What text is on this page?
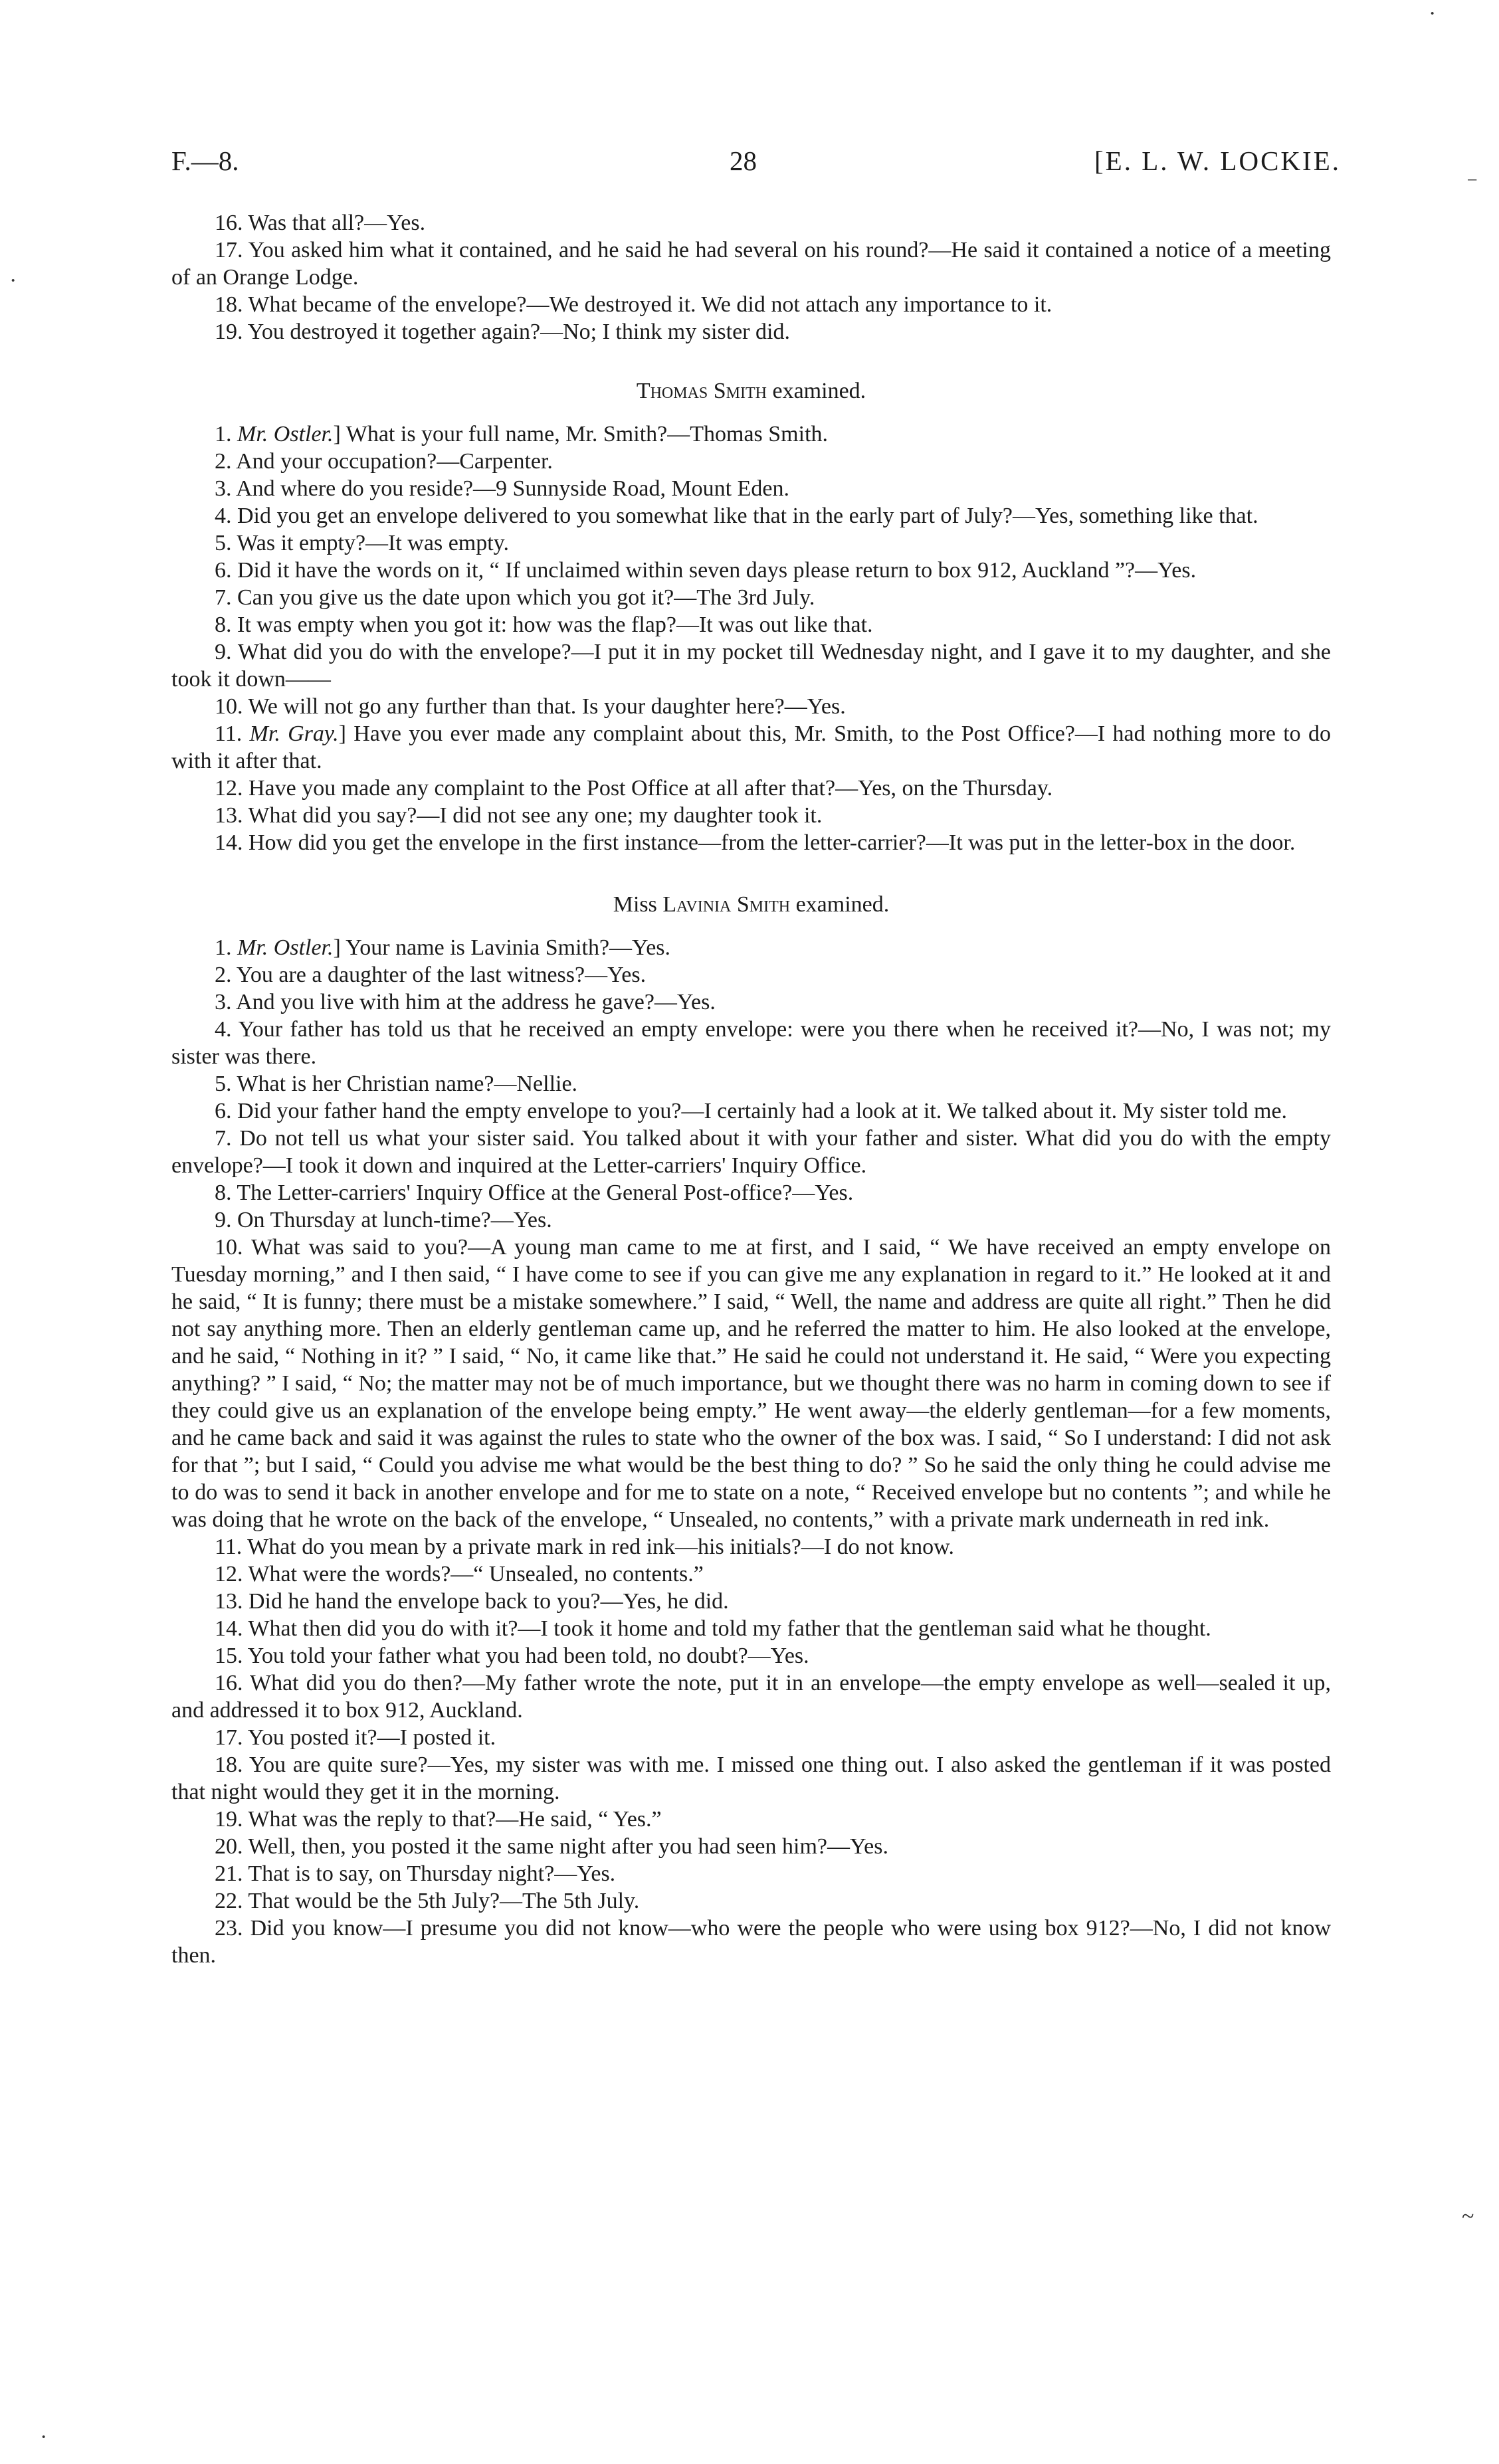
F.—8.	28	[E. L. W. LOCKIE.

16. Was that all?—Yes.

17. You asked him what it contained, and he said he had several on his round?—He said it contained a notice of a meeting of an Orange Lodge.

18. What became of the envelope?—We destroyed it. We did not attach any importance to it.

19. You destroyed it together again?—No; I think my sister did.

Thomas Smith examined.

1. Mr. Ostler.] What is your full name, Mr. Smith?—Thomas Smith.

2. And your occupation?—Carpenter.

3. And where do you reside?—9 Sunnyside Road, Mount Eden.

4. Did you get an envelope delivered to you somewhat like that in the early part of July?—Yes, something like that.

5. Was it empty?—It was empty.

6. Did it have the words on it, “ If unclaimed within seven days please return to box 912, Auckland ”?—Yes.

7. Can you give us the date upon which you got it?—The 3rd July.

8. It was empty when you got it: how was the flap?—It was out like that.

9. What did you do with the envelope?—I put it in my pocket till Wednesday night, and I gave it to my daughter, and she took it down——

10. We will not go any further than that. Is your daughter here?—Yes.

11. Mr. Gray.] Have you ever made any complaint about this, Mr. Smith, to the Post Office?—I had nothing more to do with it after that.

12. Have you made any complaint to the Post Office at all after that?—Yes, on the Thursday.

13. What did you say?—I did not see any one; my daughter took it.

14. How did you get the envelope in the first instance—from the letter-carrier?—It was put in the letter-box in the door.

Miss Lavinia Smith examined.

1. Mr. Ostler.] Your name is Lavinia Smith?—Yes.

2. You are a daughter of the last witness?—Yes.

3. And you live with him at the address he gave?—Yes.

4. Your father has told us that he received an empty envelope: were you there when he received it?—No, I was not; my sister was there.

5. What is her Christian name?—Nellie.

6. Did your father hand the empty envelope to you?—I certainly had a look at it. We talked about it. My sister told me.

7. Do not tell us what your sister said. You talked about it with your father and sister. What did you do with the empty envelope?—I took it down and inquired at the Letter-carriers' Inquiry Office.

8. The Letter-carriers' Inquiry Office at the General Post-office?—Yes.

9. On Thursday at lunch-time?—Yes.

10. What was said to you?—A young man came to me at first, and I said, “ We have received an empty envelope on Tuesday morning,” and I then said, “ I have come to see if you can give me any explanation in regard to it.” He looked at it and he said, “ It is funny; there must be a mistake somewhere.” I said, “ Well, the name and address are quite all right.” Then he did not say anything more. Then an elderly gentleman came up, and he referred the matter to him. He also looked at the envelope, and he said, “ Nothing in it? ” I said, “ No, it came like that.” He said he could not understand it. He said, “ Were you expecting anything? ” I said, “ No; the matter may not be of much importance, but we thought there was no harm in coming down to see if they could give us an explanation of the envelope being empty.” He went away—the elderly gentleman—for a few moments, and he came back and said it was against the rules to state who the owner of the box was. I said, “ So I understand: I did not ask for that ”; but I said, “ Could you advise me what would be the best thing to do? ” So he said the only thing he could advise me to do was to send it back in another envelope and for me to state on a note, “ Received envelope but no contents ”; and while he was doing that he wrote on the back of the envelope, “ Unsealed, no contents,” with a private mark underneath in red ink.

11. What do you mean by a private mark in red ink—his initials?—I do not know.

12. What were the words?—“ Unsealed, no contents.”

13. Did he hand the envelope back to you?—Yes, he did.

14. What then did you do with it?—I took it home and told my father that the gentleman said what he thought.

15. You told your father what you had been told, no doubt?—Yes.

16. What did you do then?—My father wrote the note, put it in an envelope—the empty envelope as well—sealed it up, and addressed it to box 912, Auckland.

17. You posted it?—I posted it.

18. You are quite sure?—Yes, my sister was with me. I missed one thing out. I also asked the gentleman if it was posted that night would they get it in the morning.

19. What was the reply to that?—He said, “ Yes.”

20. Well, then, you posted it the same night after you had seen him?—Yes.

21. That is to say, on Thursday night?—Yes.

22. That would be the 5th July?—The 5th July.

23. Did you know—I presume you did not know—who were the people who were using box 912?—No, I did not know then.

·
·
‾
~
·
